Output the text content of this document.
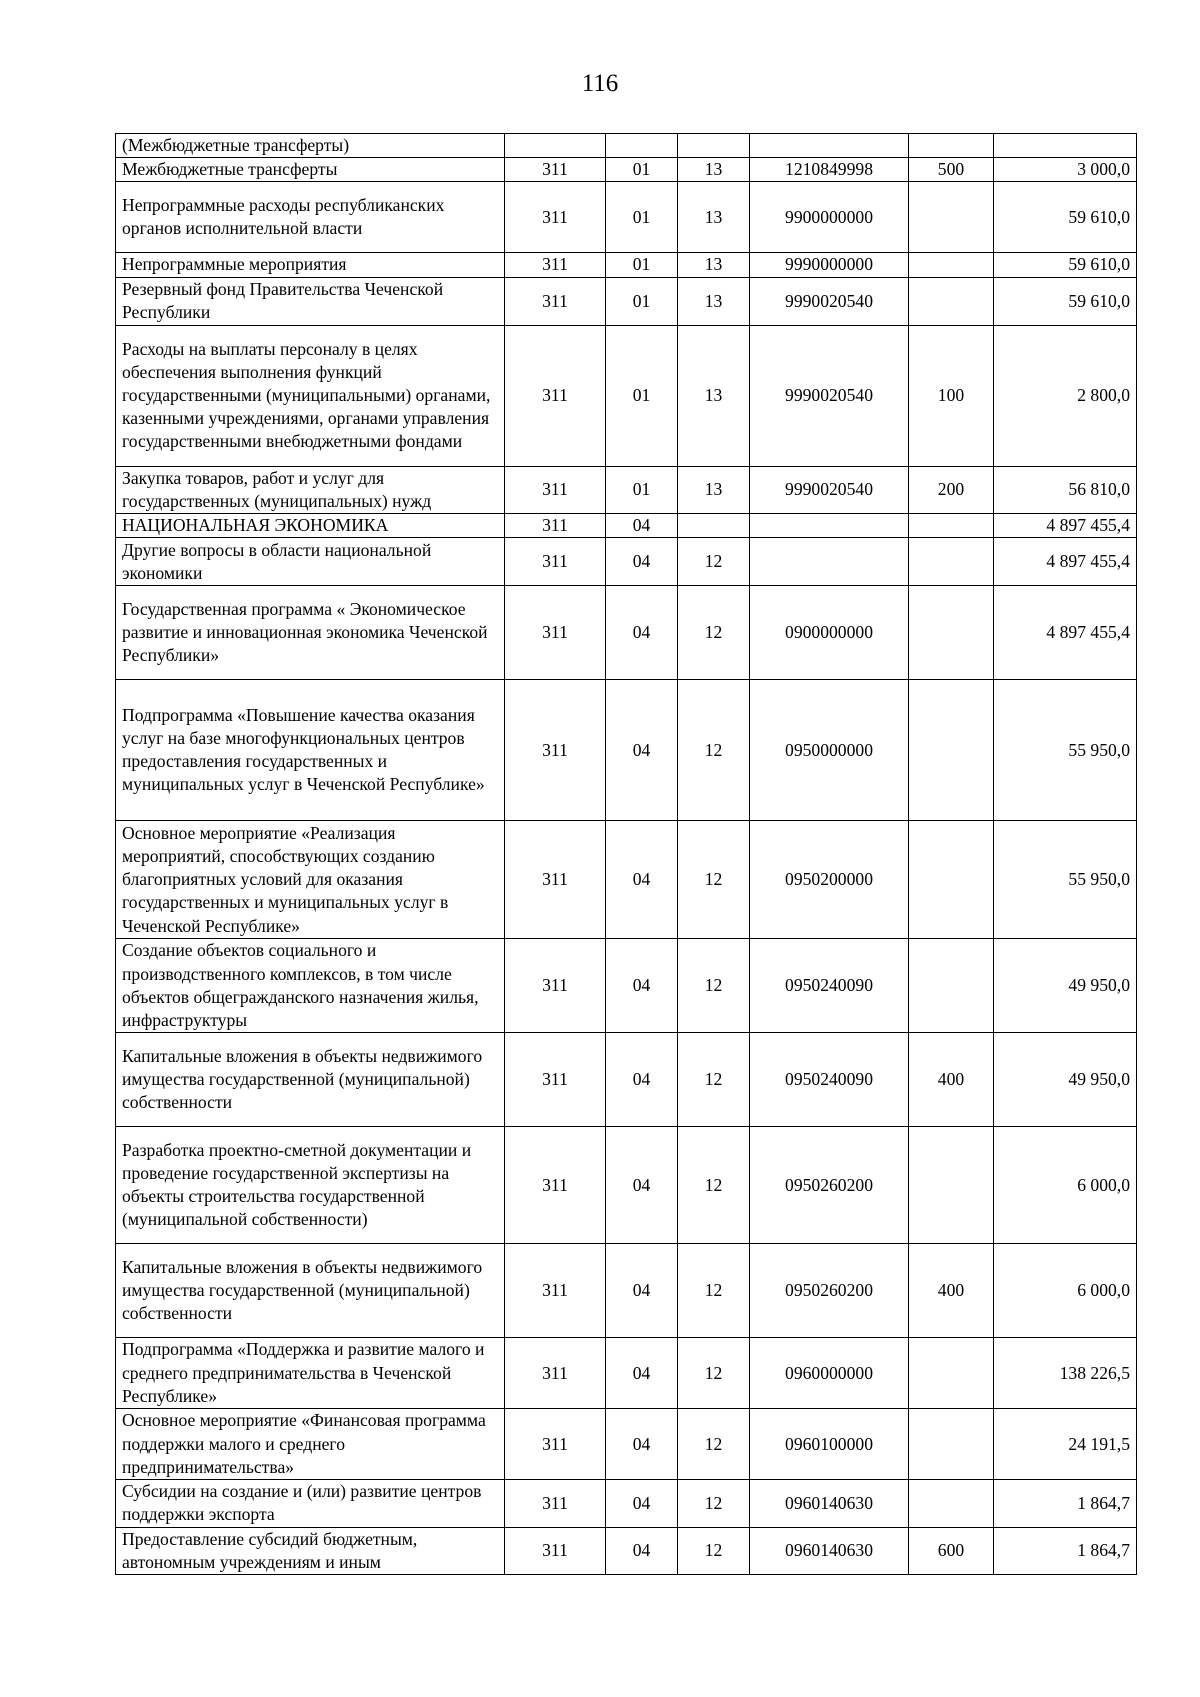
116
(Межбюджетные трансферты)						
Межбюджетные трансферты	311	01	13	1210849998	500	3 000,0
Непрограммные расходы республиканских органов исполнительной власти	311	01	13	9900000000		59 610,0
Непрограммные мероприятия	311	01	13	9990000000		59 610,0
Резервный фонд Правительства Чеченской Республики	311	01	13	9990020540		59 610,0
Расходы на выплаты персоналу в целях обеспечения выполнения функций государственными (муниципальными) органами, казенными учреждениями, органами управления государственными внебюджетными фондами	311	01	13	9990020540	100	2 800,0
Закупка товаров, работ и услуг для государственных (муниципальных) нужд	311	01	13	9990020540	200	56 810,0
НАЦИОНАЛЬНАЯ ЭКОНОМИКА	311	04				4 897 455,4
Другие вопросы в области национальной экономики	311	04	12			4 897 455,4
Государственная программа « Экономическое развитие и инновационная экономика Чеченской Республики»	311	04	12	0900000000		4 897 455,4
Подпрограмма «Повышение качества оказания услуг на базе многофункциональных центров предоставления государственных и муниципальных услуг в Чеченской Республике»	311	04	12	0950000000		55 950,0
Основное мероприятие «Реализация мероприятий, способствующих созданию благоприятных условий для оказания государственных и муниципальных услуг в Чеченской Республике»	311	04	12	0950200000		55 950,0
Создание объектов социального и производственного комплексов, в том числе объектов общегражданского назначения жилья, инфраструктуры	311	04	12	0950240090		49 950,0
Капитальные вложения в объекты недвижимого имущества государственной (муниципальной) собственности	311	04	12	0950240090	400	49 950,0
Разработка проектно-сметной документации и проведение государственной экспертизы на объекты строительства государственной (муниципальной собственности)	311	04	12	0950260200		6 000,0
Капитальные вложения в объекты недвижимого имущества государственной (муниципальной) собственности	311	04	12	0950260200	400	6 000,0
Подпрограмма «Поддержка и развитие малого и среднего предпринимательства в Чеченской Республике»	311	04	12	0960000000		138 226,5
Основное мероприятие «Финансовая программа поддержки малого и среднего предпринимательства»	311	04	12	0960100000		24 191,5
Субсидии на создание и (или) развитие центров поддержки экспорта	311	04	12	0960140630		1 864,7
Предоставление субсидий бюджетным, автономным учреждениям и иным	311	04	12	0960140630	600	1 864,7
